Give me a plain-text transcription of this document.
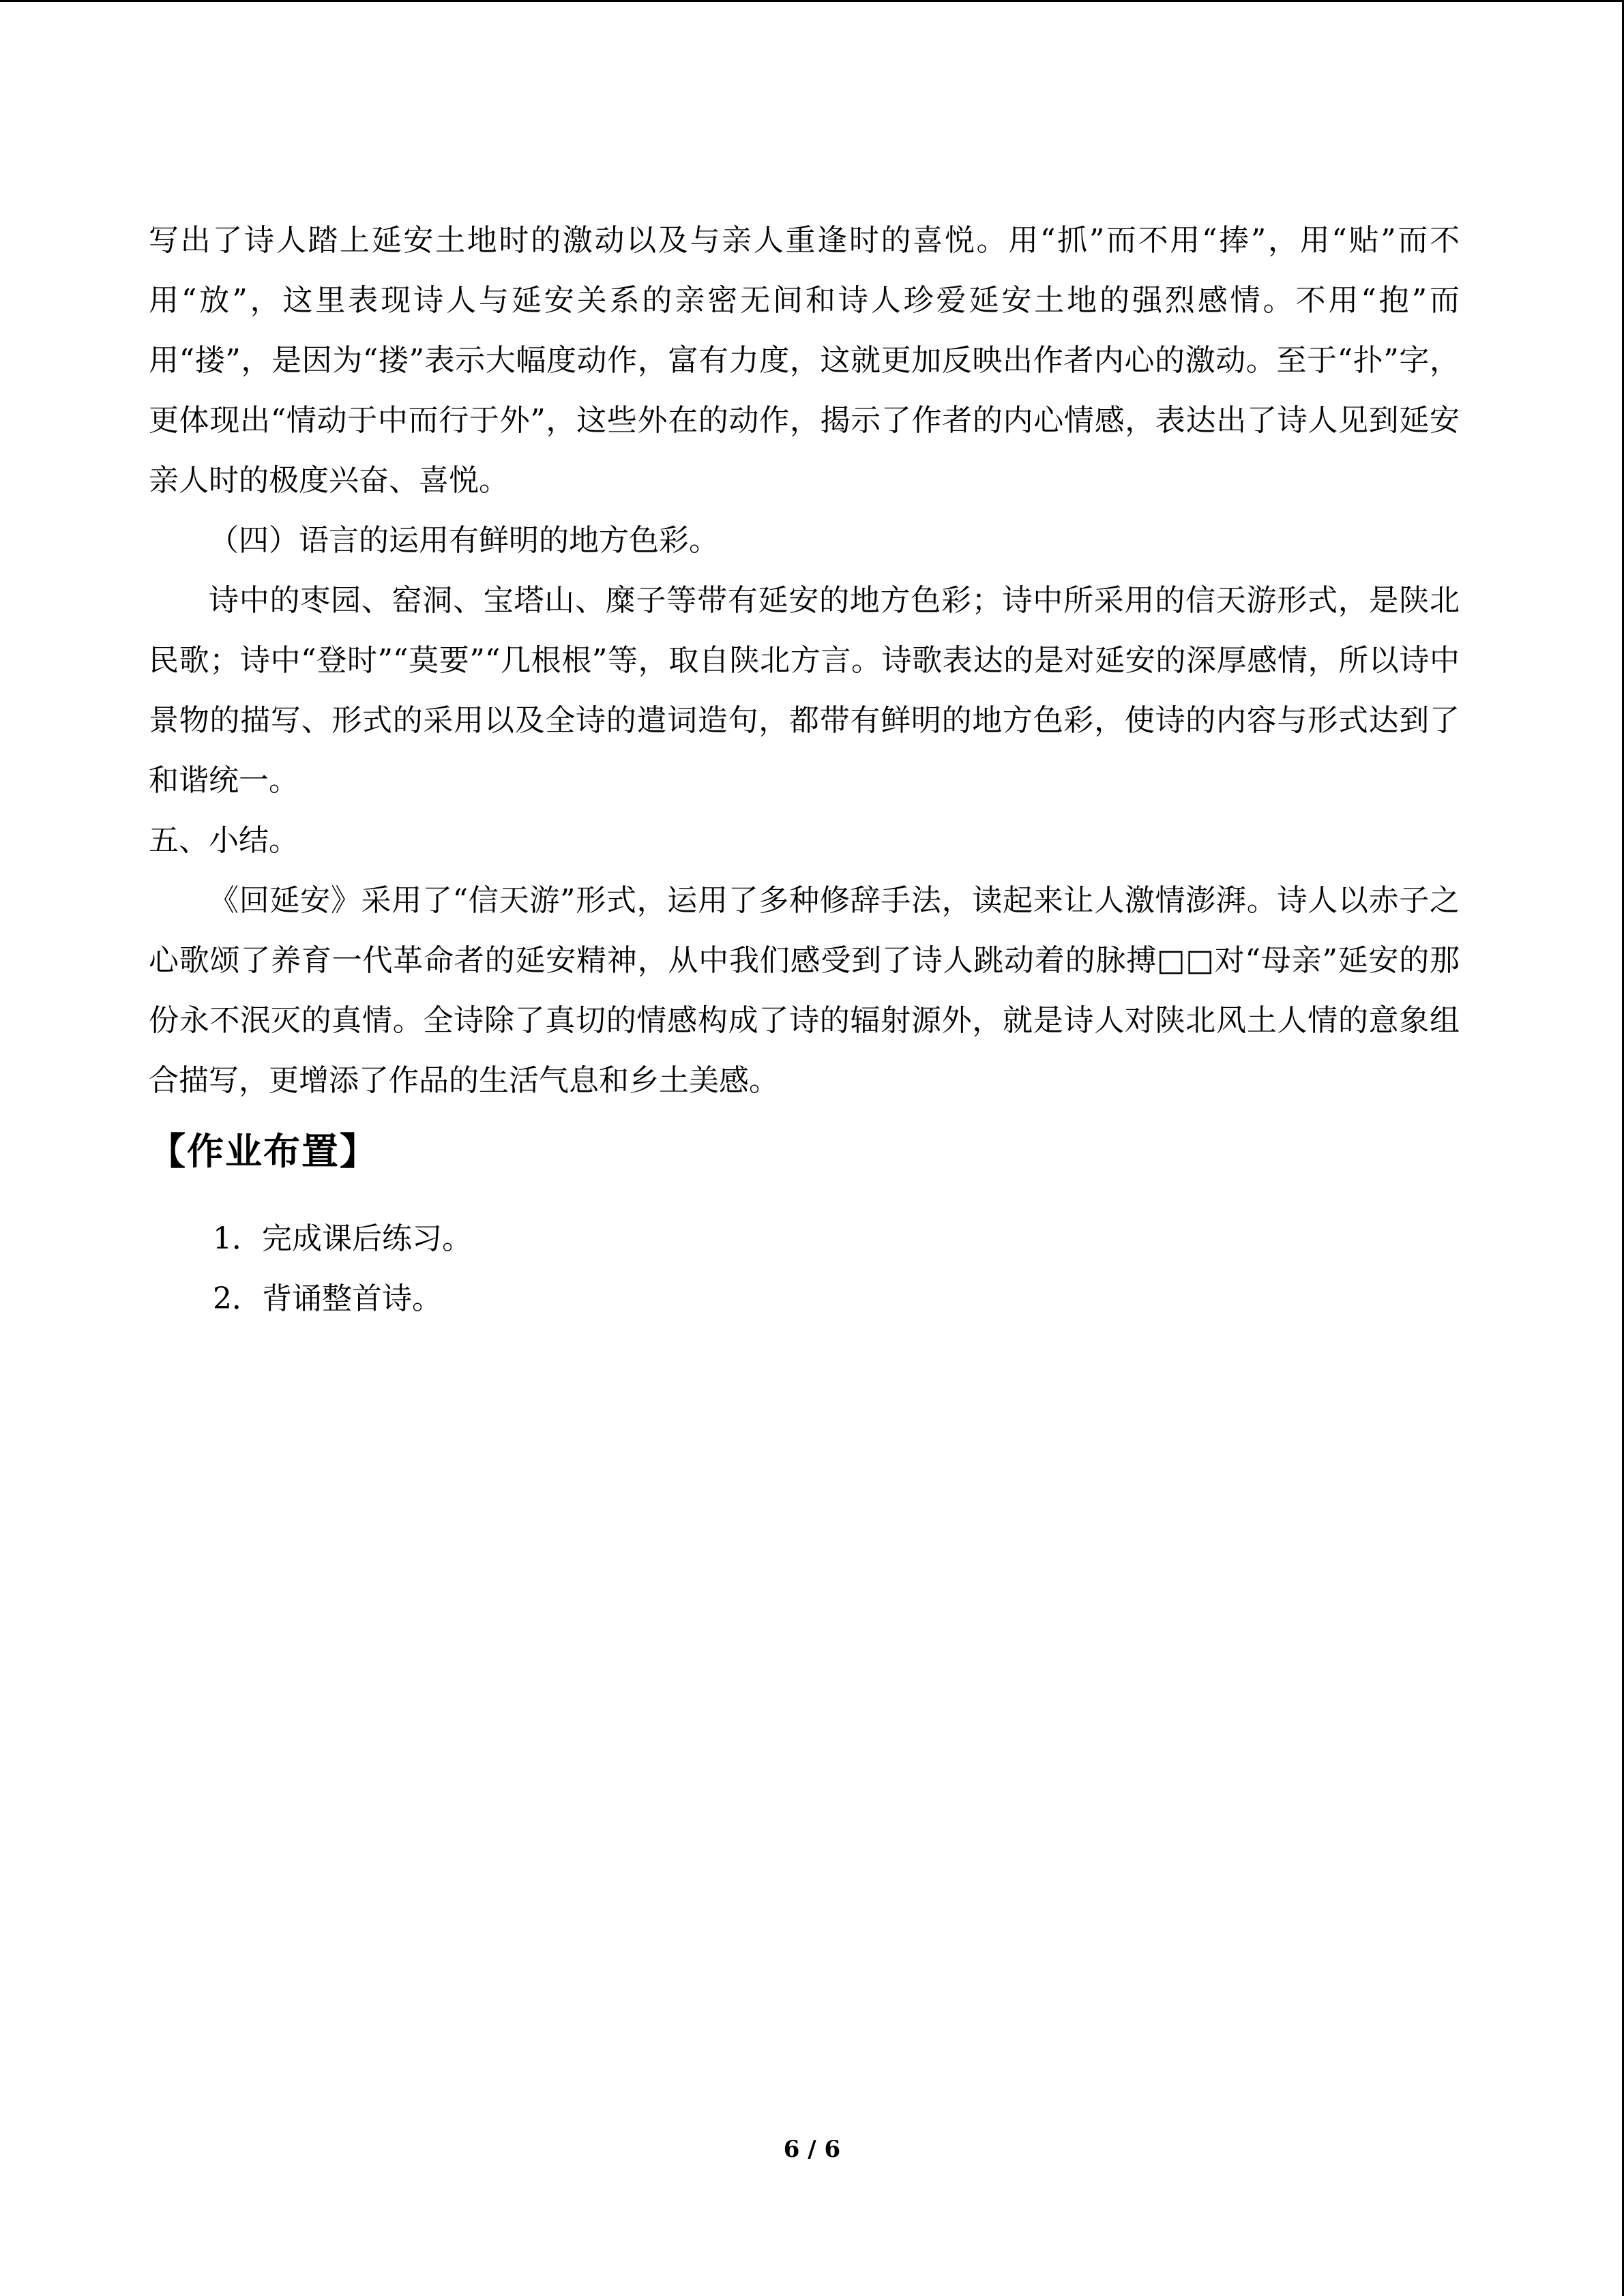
写出了诗人踏上延安土地时的激动以及与亲人重逢时的喜悦。用“抓”而不用“捧”，用“贴”而不用“放”，这里表现诗人与延安关系的亲密无间和诗人珍爱延安土地的强烈感情。不用“抱”而用“搂”，是因为“搂”表示大幅度动作，富有力度，这就更加反映出作者内心的激动。至于“扑”字，更体现出“情动于中而行于外”，这些外在的动作，揭示了作者的内心情感，表达出了诗人见到延安亲人时的极度兴奋、喜悦。

（四）语言的运用有鲜明的地方色彩。

诗中的枣园、窑洞、宝塔山、糜子等带有延安的地方色彩；诗中所采用的信天游形式，是陕北民歌；诗中“登时”“莫要”“几根根”等，取自陕北方言。诗歌表达的是对延安的深厚感情，所以诗中景物的描写、形式的采用以及全诗的遣词造句，都带有鲜明的地方色彩，使诗的内容与形式达到了和谐统一。

五、小结。

《回延安》采用了“信天游”形式，运用了多种修辞手法，读起来让人激情澎湃。诗人以赤子之心歌颂了养育一代革命者的延安精神，从中我们感受到了诗人跳动着的脉搏□□对“母亲”延安的那份永不泯灭的真情。全诗除了真切的情感构成了诗的辐射源外，就是诗人对陕北风土人情的意象组合描写，更增添了作品的生活气息和乡土美感。

【作业布置】

1．完成课后练习。

2．背诵整首诗。

6 / 6
